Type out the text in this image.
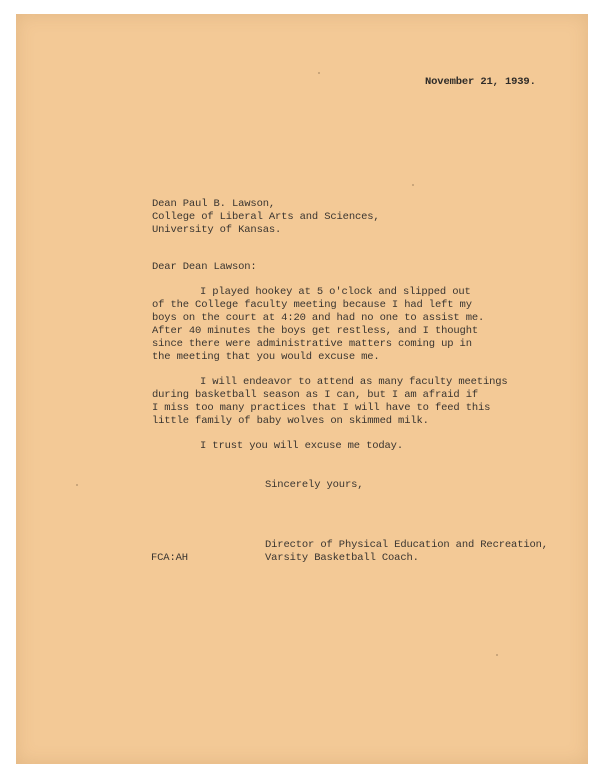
November 21, 1939.
Dean Paul B. Lawson,
College of Liberal Arts and Sciences,
University of Kansas.
Dear Dean Lawson:
I played hookey at 5 o'clock and slipped out
of the College faculty meeting because I had left my
boys on the court at 4:20 and had no one to assist me.
After 40 minutes the boys get restless, and I thought
since there were administrative matters coming up in
the meeting that you would excuse me.
I will endeavor to attend as many faculty meetings
during basketball season as I can, but I am afraid if
I miss too many practices that I will have to feed this
little family of baby wolves on skimmed milk.
I trust you will excuse me today.
Sincerely yours,
Director of Physical Education and Recreation,
Varsity Basketball Coach.
FCA:AH
